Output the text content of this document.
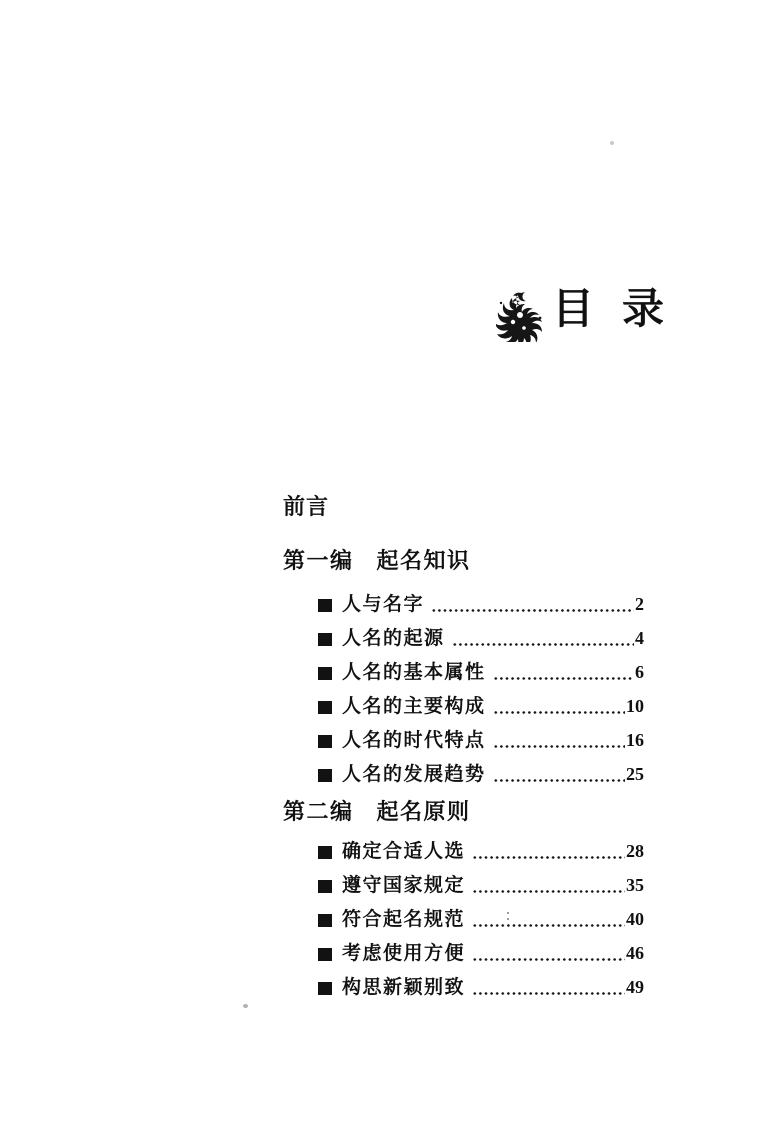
目 录
前言
第一编 起名知识
人与名字	2
人名的起源	4
人名的基本属性	6
人名的主要构成	10
人名的时代特点	16
人名的发展趋势	25
第二编 起名原则
确定合适人选	28
遵守国家规定	35
符合起名规范	40
考虑使用方便	46
构思新颖别致	49
